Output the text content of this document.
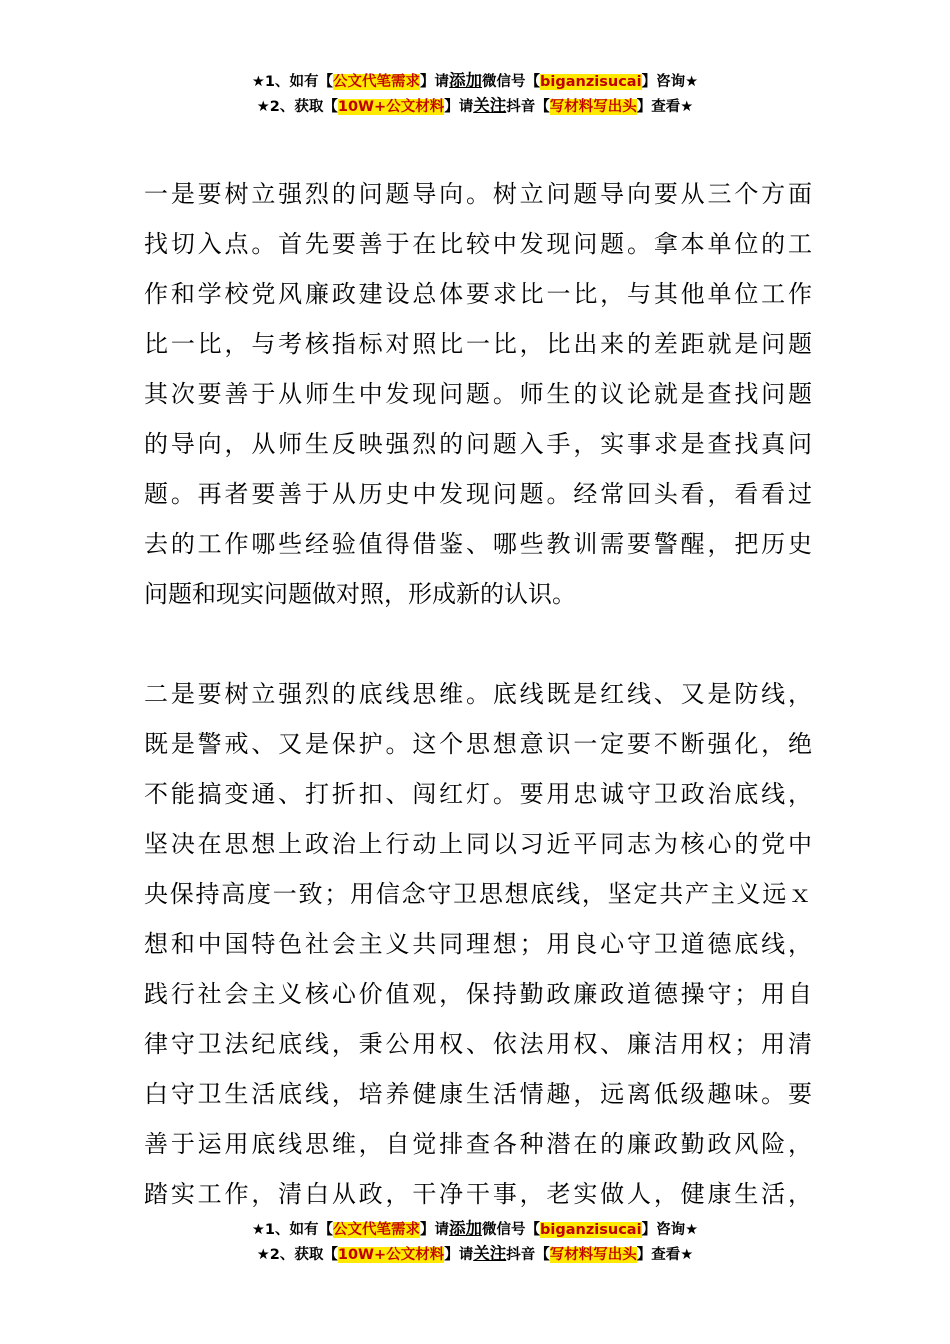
★1、如有【公文代笔需求】请添加微信号【biganzisucai】咨询★
★2、获取【10W+公文材料】请关注抖音【写材料写出头】查看★
一是要树立强烈的问题导向。树立问题导向要从三个方面
找切入点。首先要善于在比较中发现问题。拿本单位的工
作和学校党风廉政建设总体要求比一比，与其他单位工作
比一比，与考核指标对照比一比，比出来的差距就是问题
其次要善于从师生中发现问题。师生的议论就是查找问题
的导向，从师生反映强烈的问题入手，实事求是查找真问
题。再者要善于从历史中发现问题。经常回头看，看看过
去的工作哪些经验值得借鉴、哪些教训需要警醒，把历史
问题和现实问题做对照，形成新的认识。
二是要树立强烈的底线思维。底线既是红线、又是防线，
既是警戒、又是保护。这个思想意识一定要不断强化，绝
不能搞变通、打折扣、闯红灯。要用忠诚守卫政治底线，
坚决在思想上政治上行动上同以习近平同志为核心的党中
央保持高度一致；用信念守卫思想底线，坚定共产主义远ｘ
想和中国特色社会主义共同理想；用良心守卫道德底线，
践行社会主义核心价值观，保持勤政廉政道德操守；用自
律守卫法纪底线，秉公用权、依法用权、廉洁用权；用清
白守卫生活底线，培养健康生活情趣，远离低级趣味。要
善于运用底线思维，自觉排查各种潜在的廉政勤政风险，
踏实工作，清白从政，干净干事，老实做人，健康生活，
★1、如有【公文代笔需求】请添加微信号【biganzisucai】咨询★
★2、获取【10W+公文材料】请关注抖音【写材料写出头】查看★
